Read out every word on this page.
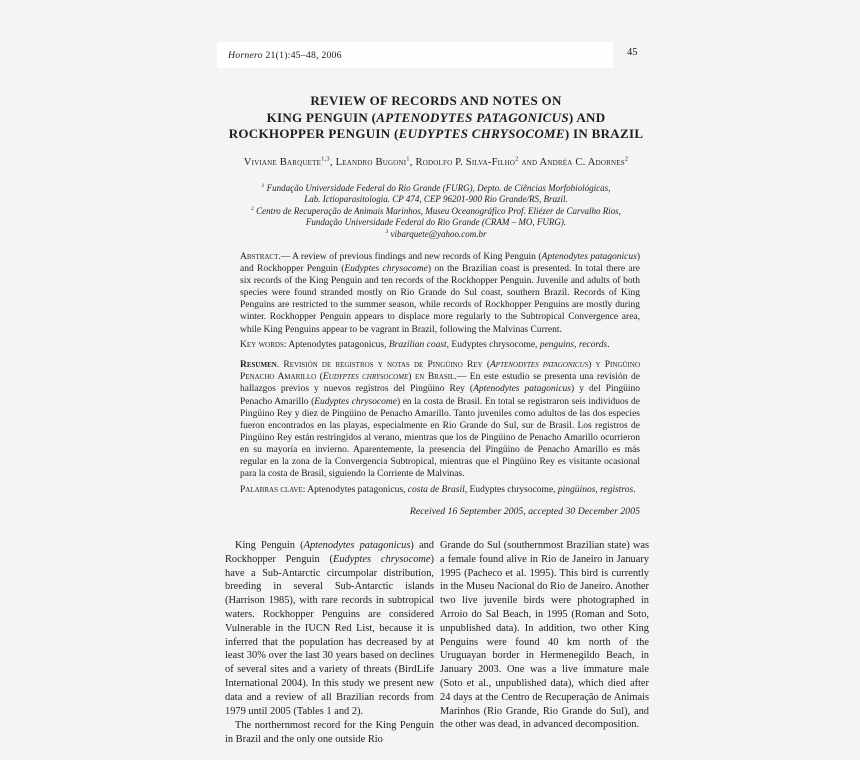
Hornero 21(1):45–48, 2006	45
REVIEW OF RECORDS AND NOTES ON
KING PENGUIN (APTENODYTES PATAGONICUS) AND
ROCKHOPPER PENGUIN (EUDYPTES CHRYSOCOME) IN BRAZIL
Viviane Barquete$^{1,3}$, Leandro Bugoni$^1$, Rodolfo P. Silva-Filho$^2$ and Andréa C. Adornes$^2$
$^1$ Fundação Universidade Federal do Rio Grande (FURG), Depto. de Ciências Morfobiológicas,
Lab. Ictioparasitologia. CP 474, CEP 96201-900 Rio Grande/RS, Brazil.
$^2$ Centro de Recuperação de Animais Marinhos, Museu Oceanográfico Prof. Eliézer de Carvalho Rios,
Fundação Universidade Federal do Rio Grande (CRAM – MO, FURG).
$^3$ vibarquete@yahoo.com.br

Abstract.— A review of previous findings and new records of King Penguin (Aptenodytes patagonicus) and Rockhopper Penguin (Eudyptes chrysocome) on the Brazilian coast is presented. In total there are six records of the King Penguin and ten records of the Rockhopper Penguin. Juvenile and adults of both species were found stranded mostly on Rio Grande do Sul coast, southern Brazil. Records of King Penguins are restricted to the summer season, while records of Rockhopper Penguins are mostly during winter. Rockhopper Penguin appears to displace more regularly to the Subtropical Convergence area, while King Penguins appear to be vagrant in Brazil, following the Malvinas Current.

Key words: Aptenodytes patagonicus, Brazilian coast, Eudyptes chrysocome, penguins, records.

Resumen. Revisión de registros y notas de Pingüino Rey (Aptenodytes patagonicus) y Pingüino Penacho Amarillo (Eudyptes chrysocome) en Brasil.— En este estudio se presenta una revisión de hallazgos previos y nuevos registros del Pingüino Rey (Aptenodytes patagonicus) y del Pingüino Penacho Amarillo (Eudyptes chrysocome) en la costa de Brasil. En total se registraron seis individuos de Pingüino Rey y diez de Pingüino de Penacho Amarillo. Tanto juveniles como adultos de las dos especies fueron encontrados en las playas, especialmente en Rio Grande do Sul, sur de Brasil. Los registros de Pingüino Rey están restringidos al verano, mientras que los de Pingüino de Penacho Amarillo ocurrieron en su mayoría en invierno. Aparentemente, la presencia del Pingüino de Penacho Amarillo es más regular en la zona de la Convergencia Subtropical, mientras que el Pingüino Rey es visitante ocasional para la costa de Brasil, siguiendo la Corriente de Malvinas.

Palabras clave: Aptenodytes patagonicus, costa de Brasil, Eudyptes chrysocome, pingüinos, registros.

Received 16 September 2005, accepted 30 December 2005

King Penguin (Aptenodytes patagonicus) and Rockhopper Penguin (Eudyptes chrysocome) have a Sub-Antarctic circumpolar distribution, breeding in several Sub-Antarctic islands (Harrison 1985), with rare records in subtropical waters. Rockhopper Penguins are considered Vulnerable in the IUCN Red List, because it is inferred that the population has decreased by at least 30% over the last 30 years based on declines of several sites and a variety of threats (BirdLife International 2004). In this study we present new data and a review of all Brazilian records from 1979 until 2005 (Tables 1 and 2).

The northernmost record for the King Penguin in Brazil and the only one outside Rio

Grande do Sul (southernmost Brazilian state) was a female found alive in Rio de Janeiro in January 1995 (Pacheco et al. 1995). This bird is currently in the Museu Nacional do Rio de Janeiro. Another two live juvenile birds were photographed in Arroio do Sal Beach, in 1995 (Roman and Soto, unpublished data). In addition, two other King Penguins were found 40 km north of the Uruguayan border in Hermenegildo Beach, in January 2003. One was a live immature male (Soto et al., unpublished data), which died after 24 days at the Centro de Recuperação de Animais Marinhos (Rio Grande, Rio Grande do Sul), and the other was dead, in advanced decomposition.
